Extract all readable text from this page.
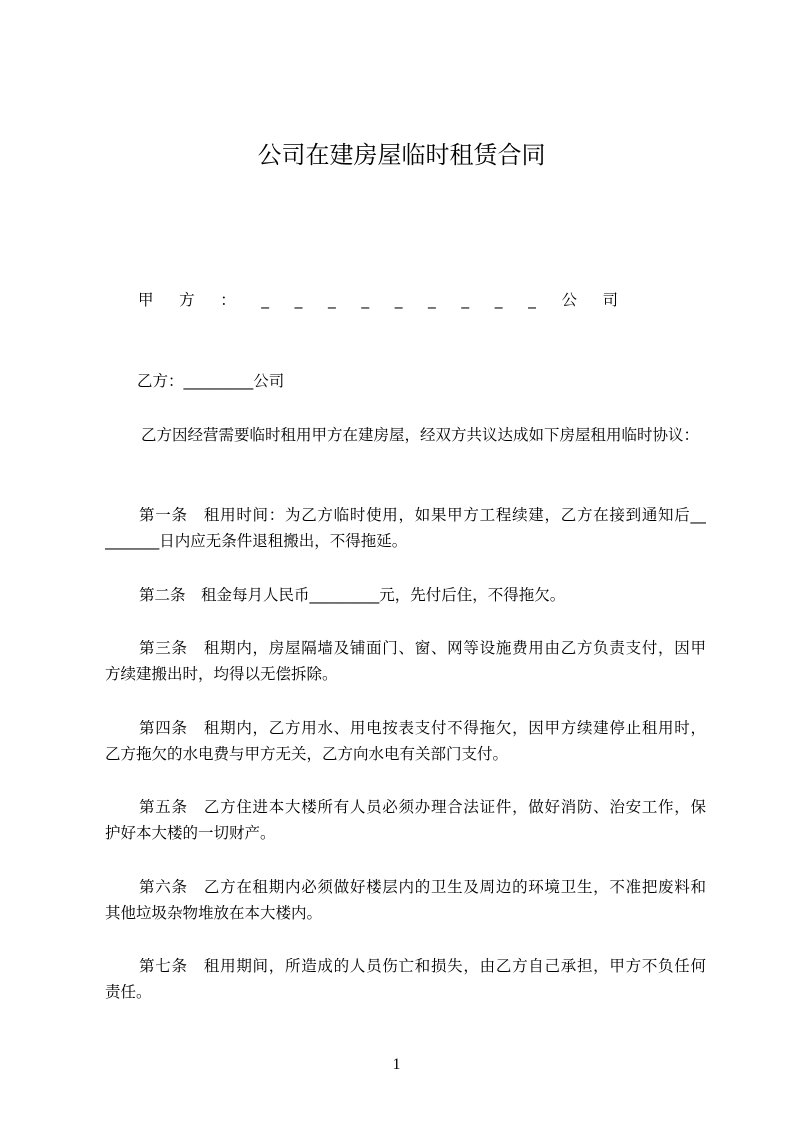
公司在建房屋临时租赁合同
甲方：_________公司
乙方：_________公司

乙方因经营需要临时租用甲方在建房屋，经双方共议达成如下房屋租用临时协议：

第一条　租用时间：为乙方临时使用，如果甲方工程续建，乙方在接到通知后__
_______日内应无条件退租搬出，不得拖延。
第二条　租金每月人民币_________元，先付后住，不得拖欠。
第三条　租期内，房屋隔墙及铺面门、窗、网等设施费用由乙方负责支付，因甲
方续建搬出时，均得以无偿拆除。
第四条　租期内，乙方用水、用电按表支付不得拖欠，因甲方续建停止租用时，
乙方拖欠的水电费与甲方无关，乙方向水电有关部门支付。
第五条　乙方住进本大楼所有人员必须办理合法证件，做好消防、治安工作，保
护好本大楼的一切财产。
第六条　乙方在租期内必须做好楼层内的卫生及周边的环境卫生，不准把废料和
其他垃圾杂物堆放在本大楼内。
第七条　租用期间，所造成的人员伤亡和损失，由乙方自己承担，甲方不负任何
责任。
1
